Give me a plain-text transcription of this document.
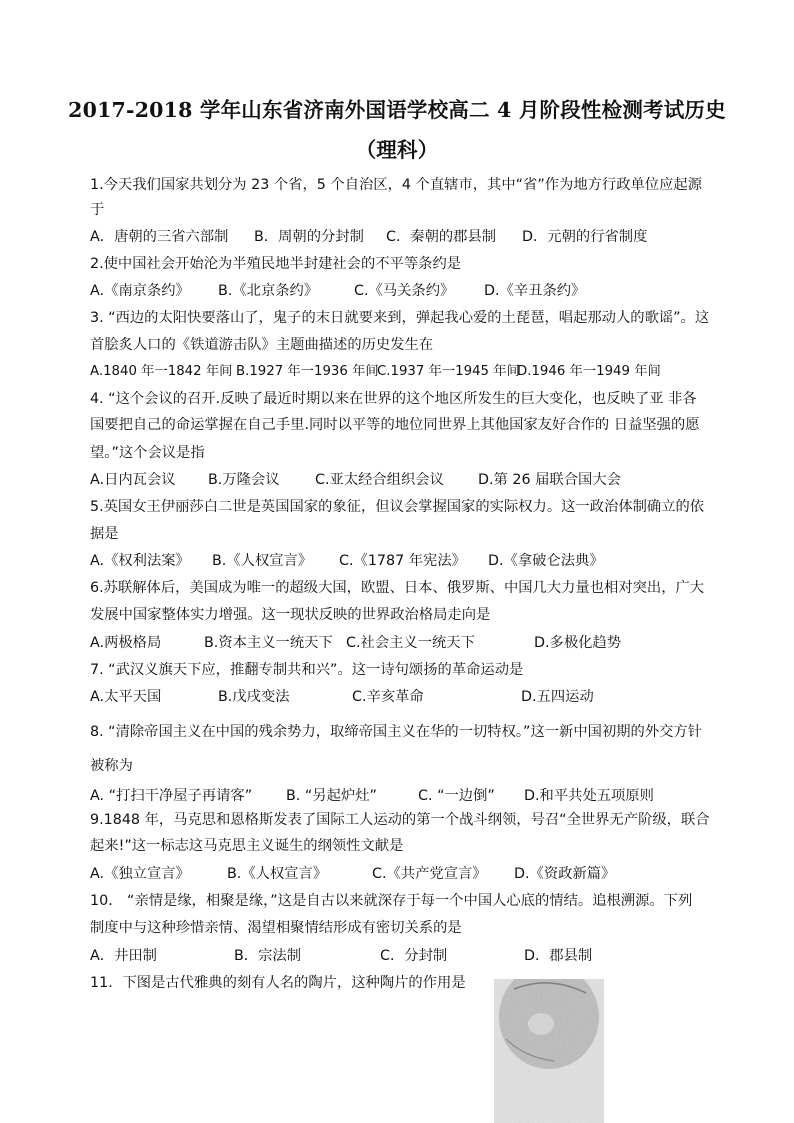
2017-2018 学年山东省济南外国语学校高二 4 月阶段性检测考试历史
（理科）
1.今天我们国家共划分为 23 个省，5 个自治区，4 个直辖市，其中“省”作为地方行政单位应起源
于
A．唐朝的三省六部制 B．周朝的分封制 C．秦朝的郡县制 D．元朝的行省制度
2.使中国社会开始沦为半殖民地半封建社会的不平等条约是
A.《南京条约》 B.《北京条约》	C.《马关条约》 D.《辛丑条约》
3. “西边的太阳快要落山了，鬼子的末日就要来到，弹起我心爱的土琵琶，唱起那动人的歌谣”。这
首脍炙人口的《铁道游击队》主题曲描述的历史发生在
A.1840 年一1842 年间 B.1927 年一1936 年间
C.1937 年一1945 年间
D.1946 年一1949 年间
4. “这个会议的召开.反映了最近时期以来在世界的这个地区所发生的巨大变化，也反映了亚 非各
国要把自己的命运掌握在自己手里.同时以平等的地位同世界上其他国家友好合作的 日益坚强的愿
望。”这个会议是指
A.日内瓦会议 B.万隆会议 C.亚太经合组织会议 D.第 26 届联合国大会
5.英国女王伊丽莎白二世是英国国家的象征，但议会掌握国家的实际权力。这一政治体制确立的依
据是
A.《权利法案》 B.《人权宣言》 C.《1787 年宪法》 D.《拿破仑法典》
6.苏联解体后，美国成为唯一的超级大国，欧盟、日本、俄罗斯、中国几大力量也相对突出，广大
发展中国家整体实力增强。这一现状反映的世界政治格局走向是
A.两极格局	B.资本主义一统天下 C.社会主义一统天下	D.多极化趋势
7. “武汉义旗天下应，推翻专制共和兴”。这一诗句颂扬的革命运动是
A.太平天国	B.戊戌变法	C.辛亥革命	D.五四运动
8. “清除帝国主义在中国的残余势力，取缔帝国主义在华的一切特权。”这一新中国初期的外交方针
被称为
A. “打扫干净屋子再请客” B. “另起炉灶”	C. “一边倒” D.和平共处五项原则
9.1848 年，马克思和恩格斯发表了国际工人运动的第一个战斗纲领，号召“全世界无产阶级，联合
起来!”这一标志这马克思主义诞生的纲领性文献是
A.《独立宣言》	B.《人权宣言》	C.《共产党宣言》 D.《资政新篇》
10． “亲情是缘，相聚是缘，”这是自古以来就深存于每一个中国人心底的情结。追根溯源。下列
制度中与这种珍惜亲情、渴望相聚情结形成有密切关系的是
A．井田制	B．宗法制	C．分封制	D．郡县制
11．下图是古代雅典的刻有人名的陶片，这种陶片的作用是
